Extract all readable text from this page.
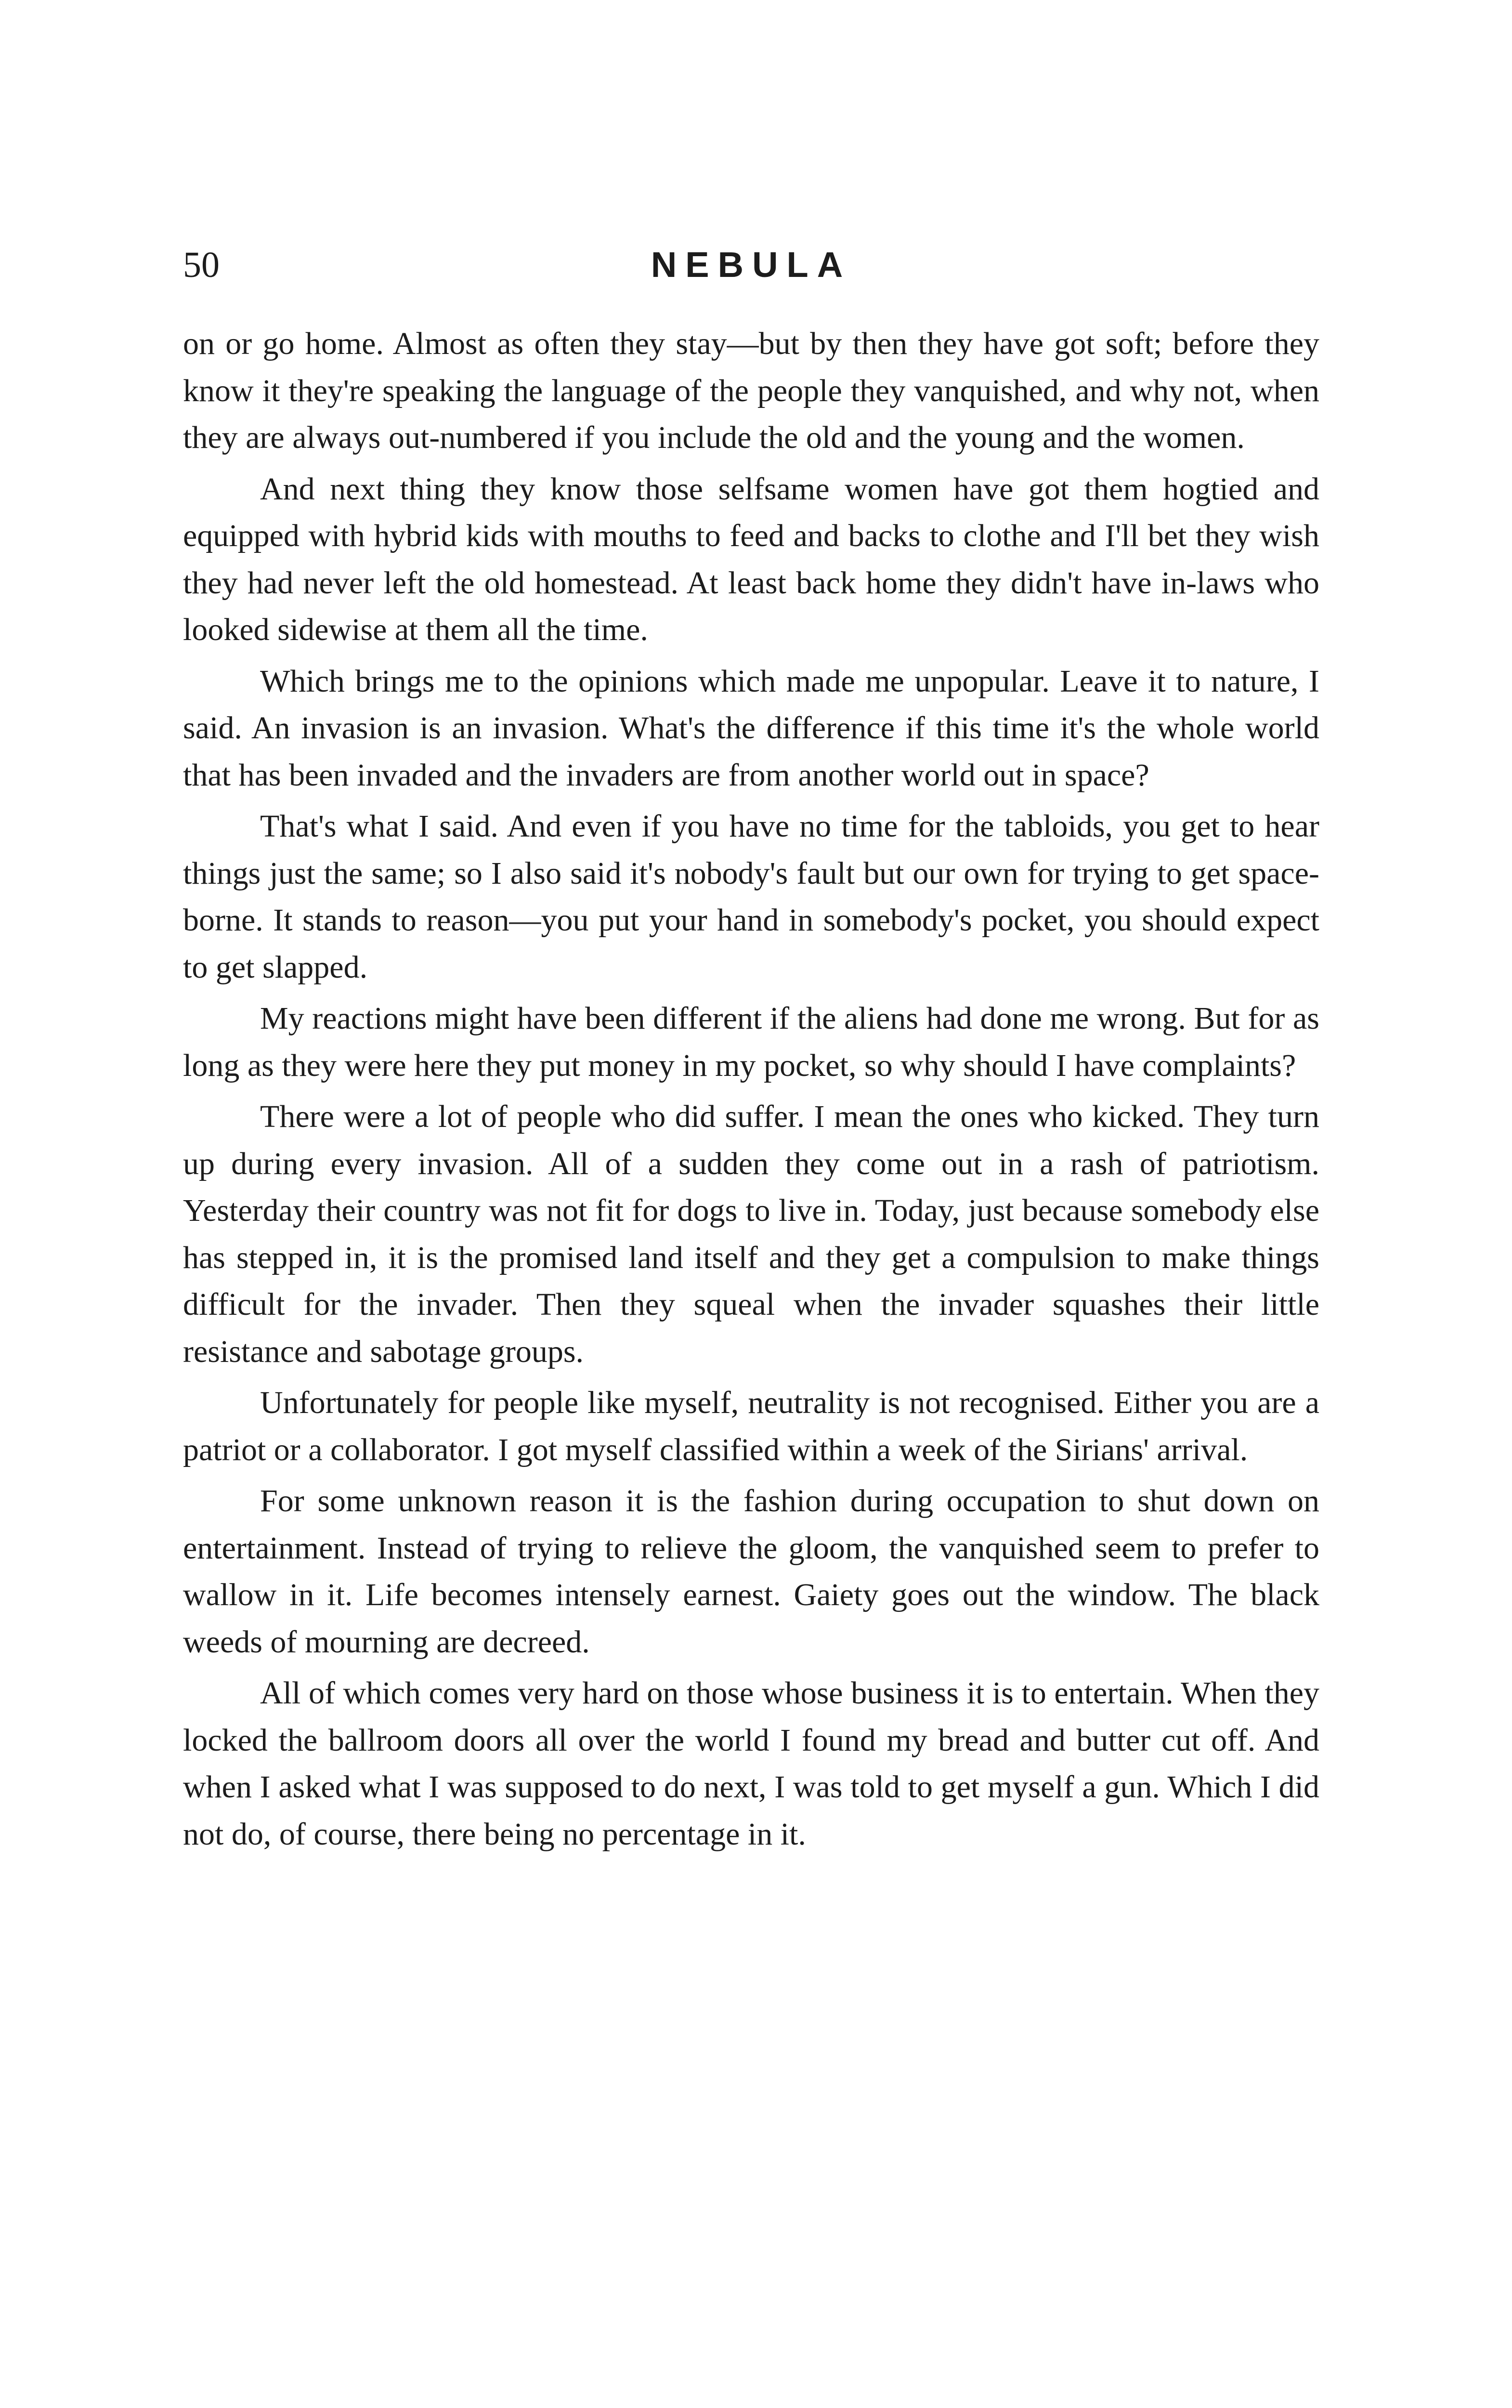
50	NEBULA

on or go home. Almost as often they stay—but by then they have got soft; before they know it they're speaking the language of the people they vanquished, and why not, when they are always out-numbered if you include the old and the young and the women.

And next thing they know those selfsame women have got them hogtied and equipped with hybrid kids with mouths to feed and backs to clothe and I'll bet they wish they had never left the old homestead. At least back home they didn't have in-laws who looked sidewise at them all the time.

Which brings me to the opinions which made me unpopular. Leave it to nature, I said. An invasion is an invasion. What's the difference if this time it's the whole world that has been invaded and the invaders are from another world out in space?

That's what I said. And even if you have no time for the tabloids, you get to hear things just the same; so I also said it's nobody's fault but our own for trying to get space-borne. It stands to reason—you put your hand in somebody's pocket, you should expect to get slapped.

My reactions might have been different if the aliens had done me wrong. But for as long as they were here they put money in my pocket, so why should I have complaints?

There were a lot of people who did suffer. I mean the ones who kicked. They turn up during every invasion. All of a sudden they come out in a rash of patriotism. Yesterday their country was not fit for dogs to live in. Today, just because somebody else has stepped in, it is the promised land itself and they get a compulsion to make things difficult for the invader. Then they squeal when the invader squashes their little resistance and sabotage groups.

Unfortunately for people like myself, neutrality is not recognised. Either you are a patriot or a collaborator. I got myself classified within a week of the Sirians' arrival.

For some unknown reason it is the fashion during occupation to shut down on entertainment. Instead of trying to relieve the gloom, the vanquished seem to prefer to wallow in it. Life becomes intensely earnest. Gaiety goes out the window. The black weeds of mourning are decreed.

All of which comes very hard on those whose business it is to entertain. When they locked the ballroom doors all over the world I found my bread and butter cut off. And when I asked what I was supposed to do next, I was told to get myself a gun. Which I did not do, of course, there being no percentage in it.
